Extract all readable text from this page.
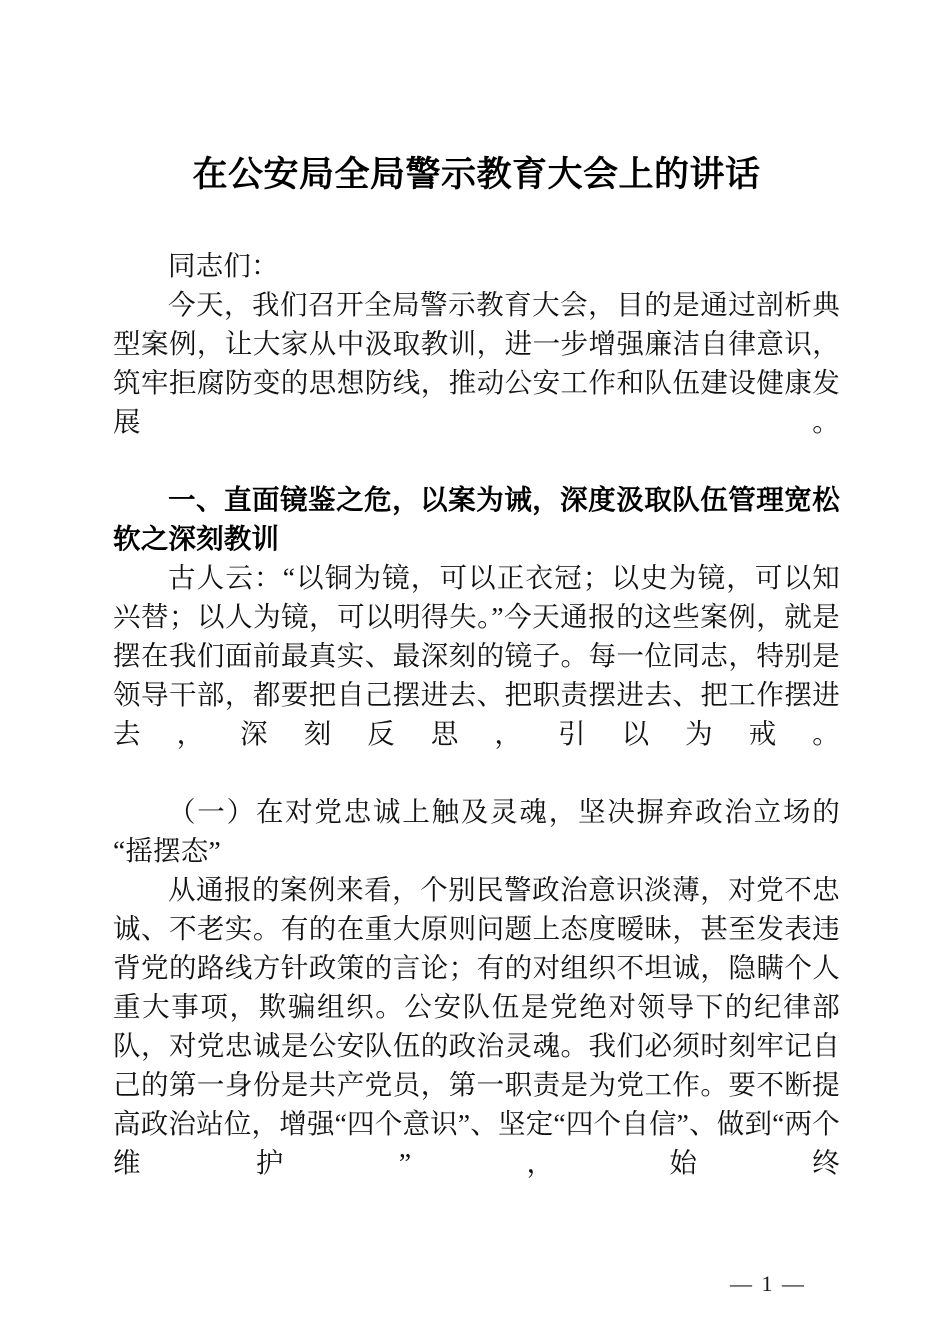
在公安局全局警示教育大会上的讲话

同志们：

今天，我们召开全局警示教育大会，目的是通过剖析典型案例，让大家从中汲取教训，进一步增强廉洁自律意识，筑牢拒腐防变的思想防线，推动公安工作和队伍建设健康发展。

一、直面镜鉴之危，以案为诫，深度汲取队伍管理宽松软之深刻教训

古人云：“以铜为镜，可以正衣冠；以史为镜，可以知兴替；以人为镜，可以明得失。”今天通报的这些案例，就是摆在我们面前最真实、最深刻的镜子。每一位同志，特别是领导干部，都要把自己摆进去、把职责摆进去、把工作摆进去，深刻反思，引以为戒。

（一）在对党忠诚上触及灵魂，坚决摒弃政治立场的“摇摆态”

从通报的案例来看，个别民警政治意识淡薄，对党不忠诚、不老实。有的在重大原则问题上态度暧昧，甚至发表违背党的路线方针政策的言论；有的对组织不坦诚，隐瞒个人重大事项，欺骗组织。公安队伍是党绝对领导下的纪律部队，对党忠诚是公安队伍的政治灵魂。我们必须时刻牢记自己的第一身份是共产党员，第一职责是为党工作。要不断提高政治站位，增强“四个意识”、坚定“四个自信”、做到“两个维护”，始终

— 1 —
